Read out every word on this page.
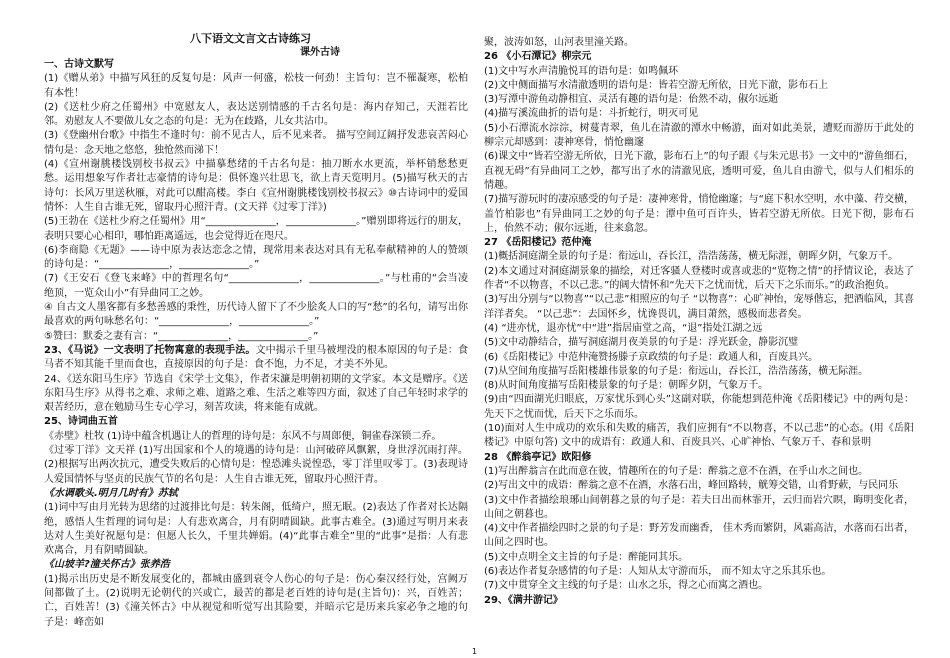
八下语文文言文古诗练习
课外古诗

一、古诗文默写

(1)《赠从弟》中描写风狂的反复句是：风声一何盛，松枝一何劲！主旨句：岂不罹凝寒，松柏有本性！

(2)《送杜少府之任蜀州》中宽慰友人，表达送别情感的千古名句是：海内存知己，天涯若比邻。劝慰友人不要做儿女之态的句是：无为在歧路，儿女共沾巾。

(3)《登幽州台歌》中指生不逢时句：前不见古人，后不见来者。 描写空间辽阔抒发悲哀苦闷心情句是：念天地之悠悠，独怆然而涕下！

(4)《宣州谢朓楼饯别校书叔云》中描摹愁绪的千古名句是：抽刀断水水更流，举杯销愁愁更愁。运用想象写作者壮志豪情的诗句是：俱怀逸兴壮思飞，欲上青天览明月。(5)描写秋天的古诗句：长风万里送秋雁，对此可以酣高楼。李白《宣州谢朓楼饯别校书叔云》⑩古诗词中的爱国情怀：人生自古谁无死，留取丹心照汗青。(文天祥《过零丁洋》)

(5)王勃在《送杜少府之任蜀州》用“______________，______________。”赠别即将远行的朋友，表明只要心心相印，哪怕距离遥远，也会觉得近在咫尺。

(6)李商隐《无题》——诗中原为表达恋念之情，现常用来表达对具有无私奉献精神的人的赞颂的诗句是：“______________，______________。”

(7)《王安石《登飞来峰》中的哲理名句“______________，______________。”与杜甫的“会当凌绝顶，一览众山小”有异曲同工之妙。

④ 自古文人墨客都有多愁善感的秉性，历代诗人留下了不少脍炙人口的写“愁”的名句，请写出你最喜欢的两句咏愁名句：“______________，______________。”

⑤赞曰：默委之妻有言：“______________，______________。”

23、《马说》一文表明了托物寓意的表现手法。文中揭示千里马被埋没的根本原因的句子是：食马者不知其能千里而食也，直接原因的句子是：食不饱，力不足，才美不外见。

24、《送东阳马生序》节选自《宋学士文集》，作者宋濂是明朝初期的文学家。本文是赠序。《送东阳马生序》从得书之难、求师之难、道路之难、生活之难等四方面，叙述了自己年轻时求学的艰苦经历，意在勉励马生专心学习，刻苦攻读，将来能有成就。

25、诗词曲五首

《赤壁》杜牧 (1)诗中蕴含机遇让人的哲理的诗句是：东风不与周郎便，铜雀春深锁二乔。

《过零丁洋》文天祥 (1)写出国家和个人的境遇的诗句是：山河破碎风飘絮，身世浮沉雨打萍。(2)根据写出两次抗元，遭受失败后的心情句是：惶恐滩头说惶恐，零丁洋里叹零丁。(3)表现诗人爱国情怀与坚贞的民族气节的名句是：人生自古谁无死，留取丹心照汗青。

《水调歌头.明月几时有》苏轼

(1)词中写由月光转为思绪的过渡排比句是：转朱阁，低绮户，照无眠。(2)表达了作者对长达隔绝，感悟人生哲理的词句是：人有悲欢离合，月有阴晴圆缺。此事古难全。(3)通过写明月来表达对人生美好祝愿句是：但愿人长久，千里共婵娟。(4)“此事古难全”里的“此事”是指：人有悲欢离合，月有阴晴圆缺。

《山坡羊?潼关怀古》张养浩

(1)揭示出历史是不断发展变化的，都城由盛到衰令人伤心的句子是：伤心秦汉经行处，宫阙万间都做了土。(2)说明无论朝代的兴或亡，最苦的都是老百姓的诗句是(主旨句)：兴，百姓苦；亡，百姓苦！(3)《潼关怀古》中从视觉和听觉写出其险要，并暗示它是历来兵家必争之地的句子是：峰峦如

聚，波涛如怒，山河表里潼关路。

26 《小石潭记》柳宗元

(1)文中写水声清脆悦耳的语句是：如鸣佩环

(2)文中侧面描写水清澈透明的语句是：皆若空游无所依，日光下澈，影布石上

(3)写潭中游鱼动静相宜、灵活有趣的语句是：佁然不动，俶尔远逝

(4)描写溪流曲折的语句是：斗折蛇行，明灭可见

(5)小石潭流水淙淙，树蔓青翠，鱼儿在清澈的潭水中畅游，面对如此美景，遭贬而游历于此处的柳宗元却感到：凄神寒骨，悄怆幽邃

(6)课文中“皆若空游无所依，日光下澈，影布石上”的句子跟《与朱元思书》一文中的“游鱼细石，直视无碍”有异曲同工之妙，都写出了水的清澈见底，透明可爱，鱼儿自由游弋，似与人们相乐的情趣。

(7)描写游玩时的凄凉感受的句子是：凄神寒骨，悄怆幽邃；与“庭下积水空明，水中藻、荇交横，盖竹柏影也”有异曲同工之妙的句子是：潭中鱼可百许头，皆若空游无所依。日光下彻，影布石上，佁然不动；俶尔远逝，往来翕忽。

27 《岳阳楼记》范仲淹

(1)概括洞庭湖全景的句子是：衔远山，吞长江，浩浩荡荡，横无际涯，朝晖夕阴，气象万千。

(2)本文通过对洞庭湖景象的描绘，对迁客骚人登楼时或喜或悲的“览物之情”的抒情议论，表达了作者“不以物喜，不以己悲。”的阔大情怀和“先天下之忧而忧，后天下之乐而乐。”的政治抱负。

(3)写出分别与“以物喜”“以己悲”相照应的句子 “以物喜”：心旷神怡，宠辱偕忘，把酒临风，其喜洋洋者矣。 “以己悲”：去国怀乡，忧谗畏讥，满目萧然，感极而悲者矣。

(4) “进亦忧，退亦忧”中“进”指居庙堂之高，“退”指处江湖之远

(5)文中动静结合，描写洞庭湖月夜美景的句子是：浮光跃金，静影沉璧

(6)《岳阳楼记》中范仲淹赞扬滕子京政绩的句子是：政通人和，百废具兴。

(7)从空间角度描写岳阳楼雄伟景象的句子是：衔远山，吞长江，浩浩荡荡，横无际涯。

(8)从时间角度描写岳阳楼景象的句子是：朝晖夕阴，气象万千。

(9)由“四面湖光归眼底，万家忧乐到心头”这副对联，你能想到范仲淹《岳阳楼记》中的两句是：先天下之忧而忧，后天下之乐而乐。

(10)面对人生中成功的欢乐和失败的痛苦，我们应拥有“不以物喜，不以己悲”的心态。(用《岳阳楼记》中原句答) 文中的成语有：政通人和、百废具兴、心旷神怡、气象万千、春和景明

28 《醉翁亭记》欧阳修

(1)写出醉翁言在此而意在彼，情趣所在的句子是：醉翁之意不在酒，在乎山水之间也。

(2)写出文中的成语：醉翁之意不在酒，水落石出，峰回路转，觥筹交错，山肴野蔌，与民同乐

(3)文中作者描绘琅琊山间朝暮之景的句子是：若夫日出而林霏开，云归而岩穴暝，晦明变化者，山间之朝暮也。

(4)文中作者描绘四时之景的句子是：野芳发而幽香， 佳木秀而繁阴，风霜高洁，水落而石出者，山间之四时也。

(5)文中点明全文主旨的句子是：醉能同其乐。

(6)表达作者复杂感情的句子是：人知从太守游而乐， 而不知太守之乐其乐也。

(7)文中贯穿全文主线的句子是：山水之乐，得之心而寓之酒也。

29、《满井游记》

1
